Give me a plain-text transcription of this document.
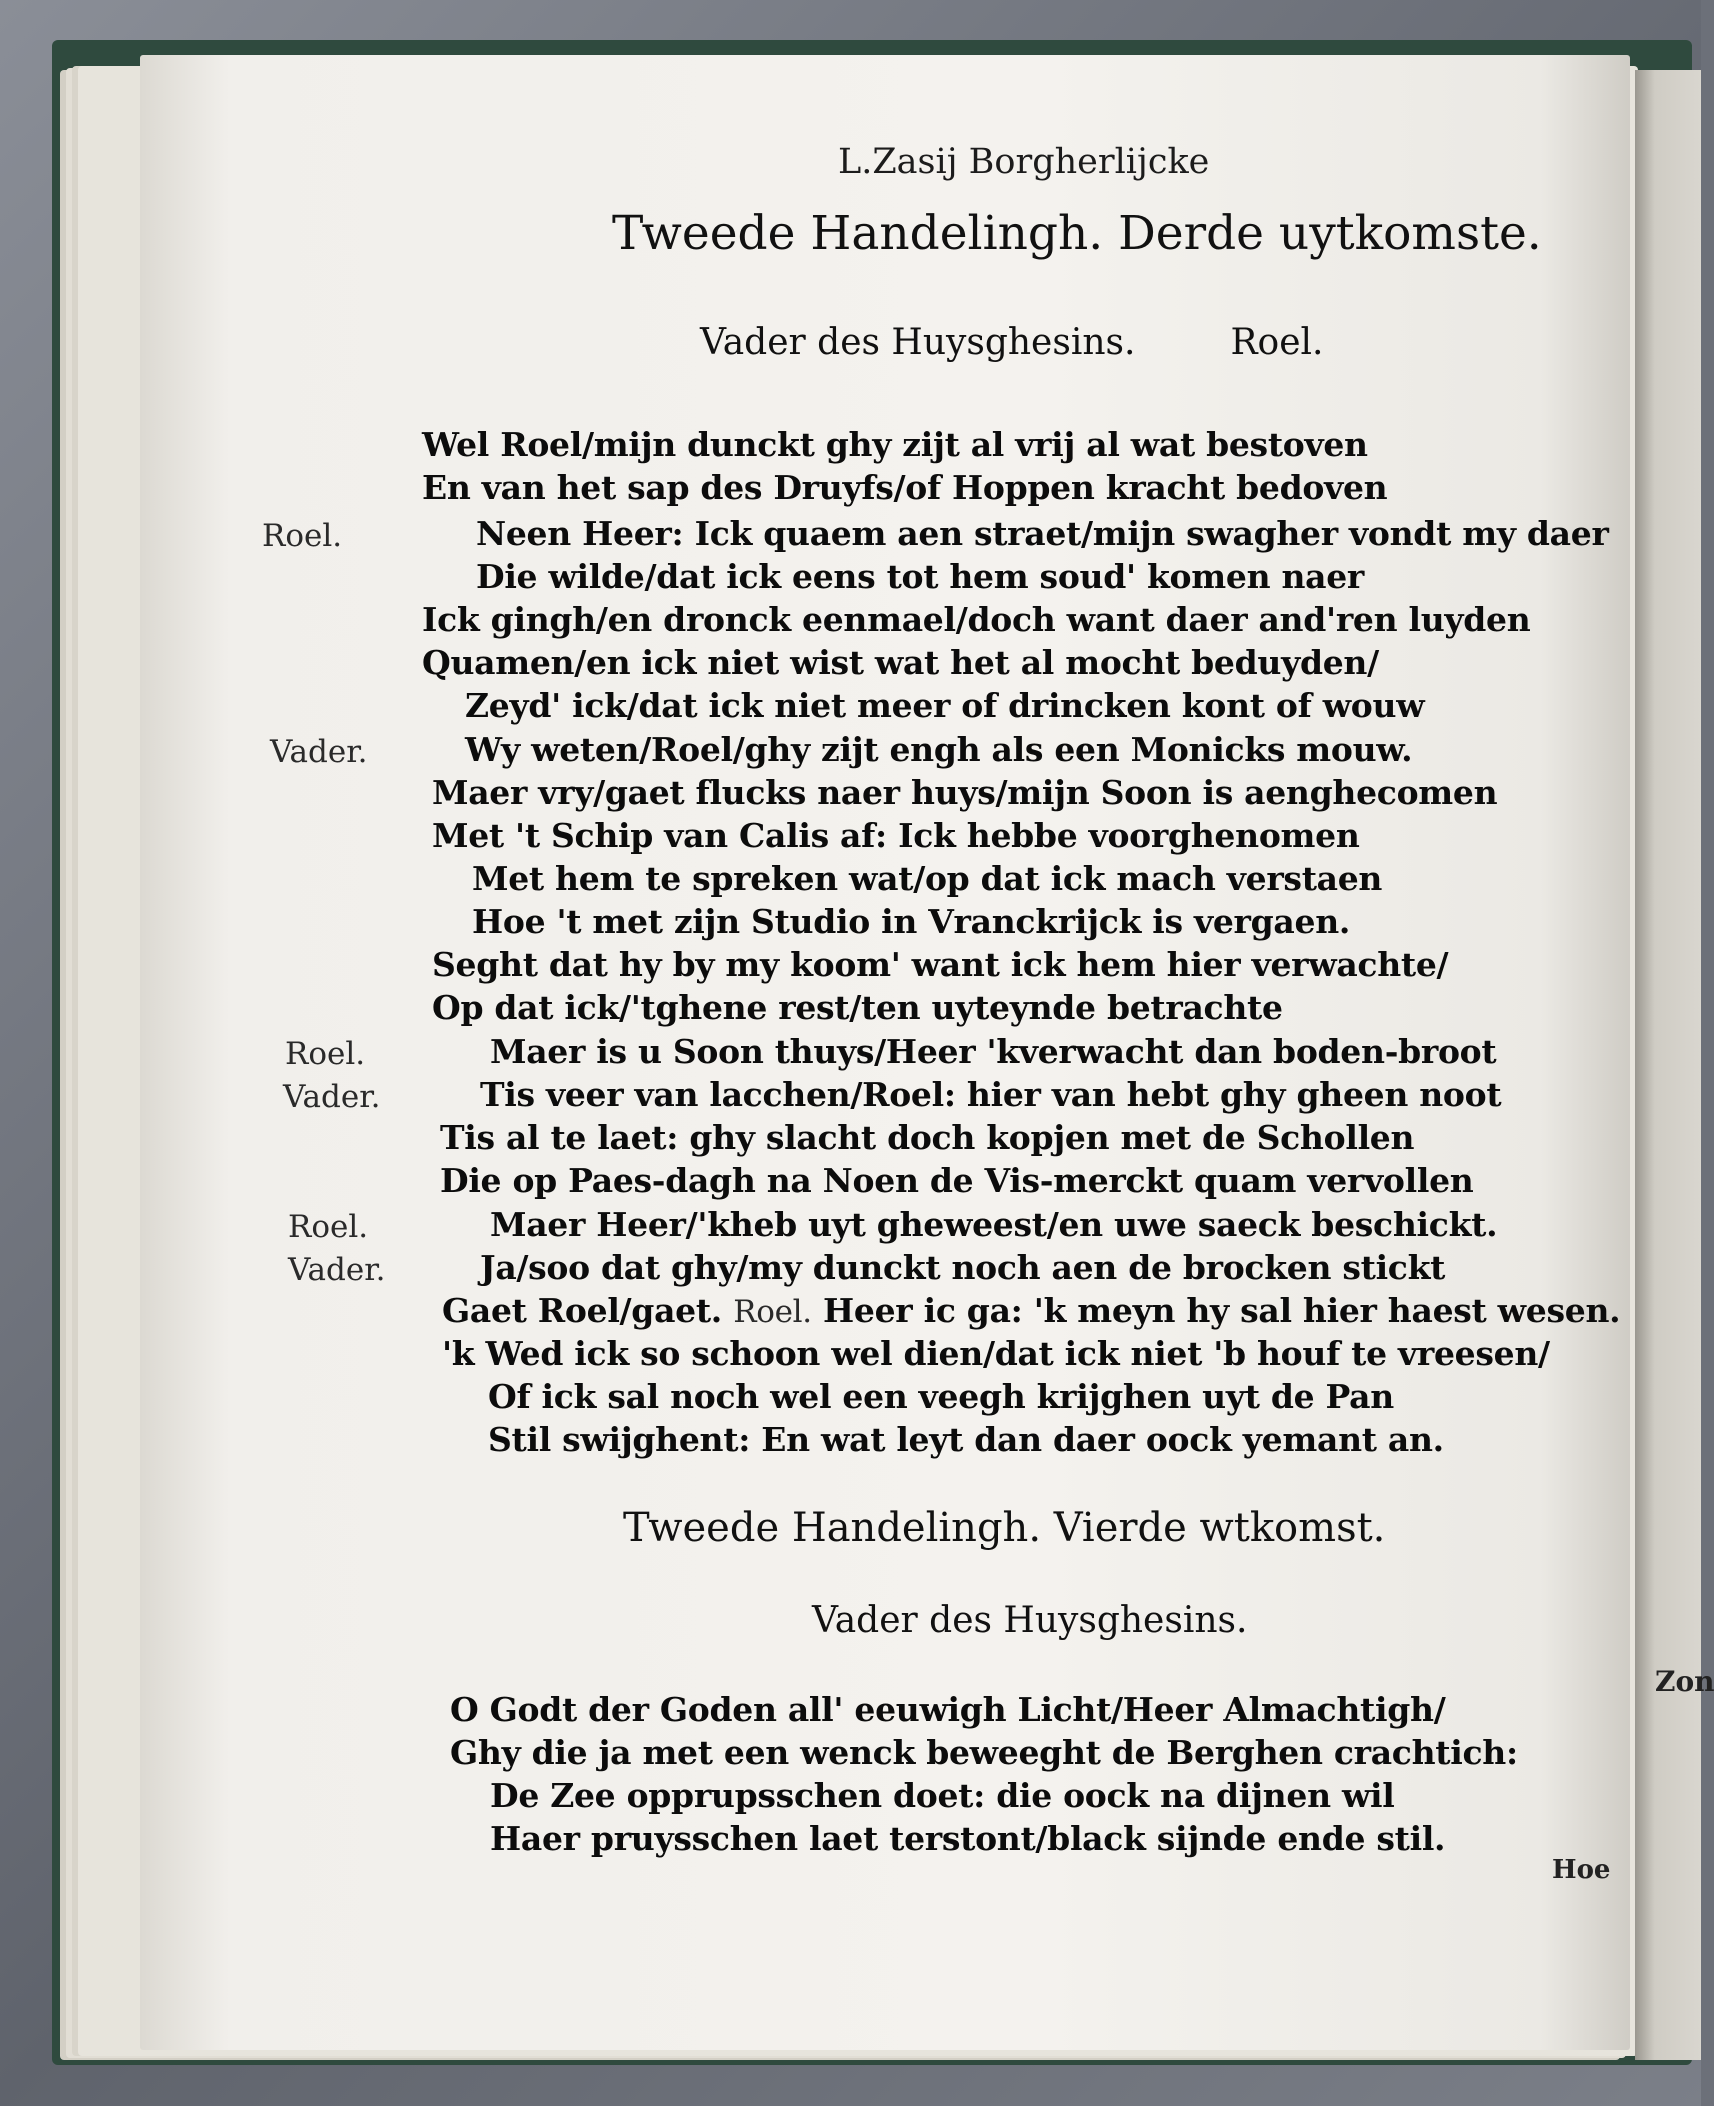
L.Zasij Borgherlijcke
Tweede Handelingh. Derde uytkomste.
Vader des Huysghesins.	Roel.
Wel Roel/mijn dunckt ghy zijt al vrij al wat bestoven
En van het sap des Druyfs/of Hoppen kracht bedoven
Roel.	Neen Heer: Ick quaem aen straet/mijn swagher vondt my daer
Die wilde/dat ick eens tot hem soud' komen naer
Ick gingh/en dronck eenmael/doch want daer and'ren luyden
Quamen/en ick niet wist wat het al mocht beduyden/
Zeyd' ick/dat ick niet meer of drincken kont of wouw
Vader.	Wy weten/Roel/ghy zijt engh als een Monicks mouw.
Maer vry/gaet flucks naer huys/mijn Soon is aenghecomen
Met 't Schip van Calis af: Ick hebbe voorghenomen
Met hem te spreken wat/op dat ick mach verstaen
Hoe 't met zijn Studio in Vranckrijck is vergaen.
Seght dat hy by my koom' want ick hem hier verwachte/
Op dat ick/'tghene rest/ten uyteynde betrachte
Roel.	Maer is u Soon thuys/Heer 'kverwacht dan boden-broot
Vader.	Tis veer van lacchen/Roel: hier van hebt ghy gheen noot
Tis al te laet: ghy slacht doch kopjen met de Schollen
Die op Paes-dagh na Noen de Vis-merckt quam vervollen
Roel.	Maer Heer/'kheb uyt gheweest/en uwe saeck beschickt.
Vader.	Ja/soo dat ghy/my dunckt noch aen de brocken stickt
Gaet Roel/gaet. Roel. Heer ic ga: 'k meyn hy sal hier haest wesen.
'k Wed ick so schoon wel dien/dat ick niet 'b houf te vreesen/
Of ick sal noch wel een veegh krijghen uyt de Pan
Stil swijghent: En wat leyt dan daer oock yemant an.
Tweede Handelingh. Vierde wtkomst.
Vader des Huysghesins.
O Godt der Goden all' eeuwigh Licht/Heer Almachtigh/
Ghy die ja met een wenck beweeght de Berghen crachtich:
De Zee opprupsschen doet: die oock na dijnen wil
Haer pruysschen laet terstont/black sijnde ende stil.
Zon
Hoe
